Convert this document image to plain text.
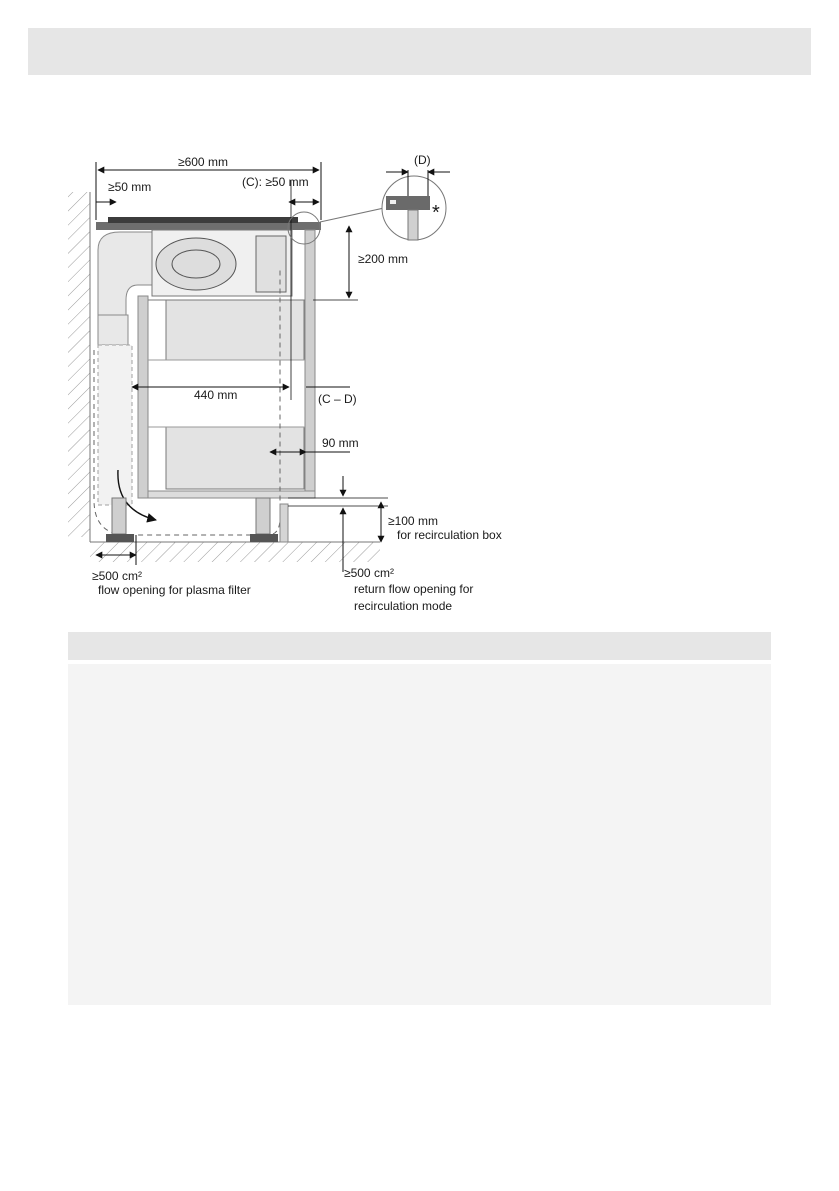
≥600 mm
≥50 mm	(C): ≥50 mm
(D)
*
≥200 mm
440 mm	(C – D)
90 mm
≥100 mm
for recirculation box
≥500 cm²
flow opening for plasma filter
≥500 cm²
return flow opening for
recirculation mode
